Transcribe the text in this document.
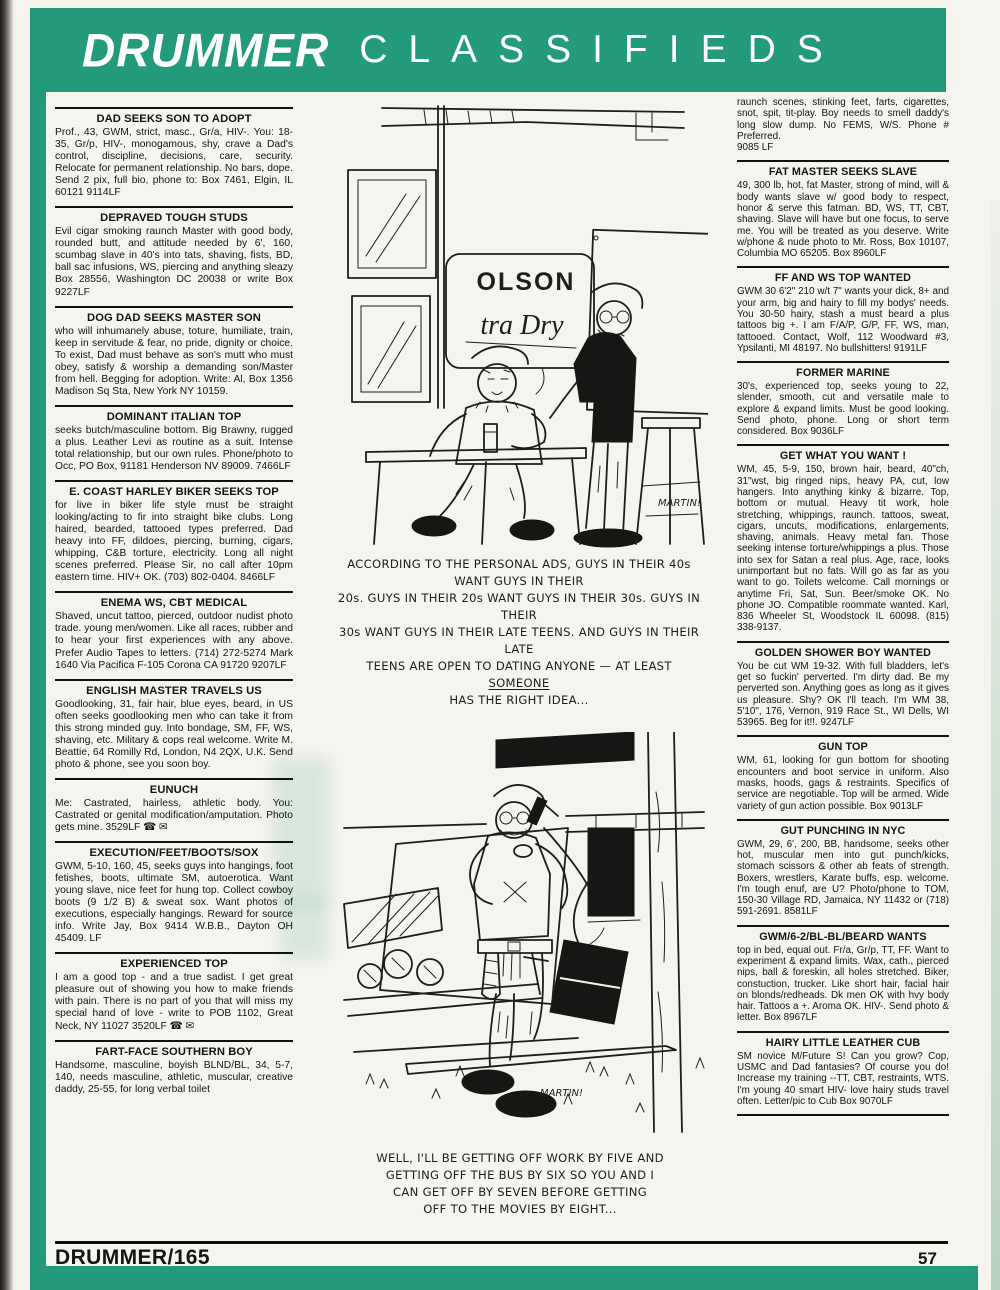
DRUMMER CLASSIFIEDS
DAD SEEKS SON TO ADOPT

Prof., 43, GWM, strict, masc., Gr/a, HIV-. You: 18-35, Gr/p, HIV-, monogamous, shy, crave a Dad's control, discipline, decisions, care, security. Relocate for permanent relationship. No bars, dope. Send 2 pix, full bio, phone to: Box 7461, Elgin, IL 60121 9114LF

DEPRAVED TOUGH STUDS

Evil cigar smoking raunch Master with good body, rounded butt, and attitude needed by 6', 160, scumbag slave in 40's into tats, shaving, fists, BD, ball sac infusions, WS, piercing and anything sleazy Box 28556, Washington DC 20038 or write Box 9227LF

DOG DAD SEEKS MASTER SON

who will inhumanely abuse, toture, humiliate, train, keep in servitude & fear, no pride, dignity or choice. To exist, Dad must behave as son's mutt who must obey, satisfy & worship a demanding son/Master from hell. Begging for adoption. Write: Al, Box 1356 Madison Sq Sta, New York NY 10159.

DOMINANT ITALIAN TOP

seeks butch/masculine bottom. Big Brawny, rugged a plus. Leather Levi as routine as a suit. Intense total relationship, but our own rules. Phone/photo to Occ, PO Box, 91181 Henderson NV 89009. 7466LF

E. COAST HARLEY BIKER SEEKS TOP

for live in biker life style must be straight looking/acting to fir into straight bike clubs. Long haired, bearded, tattooed types preferred. Dad heavy into FF, dildoes, piercing, burning, cigars, whipping, C&B torture, electricity. Long all night scenes preferred. Please Sir, no call after 10pm eastern time. HIV+ OK. (703) 802-0404. 8466LF

ENEMA WS, CBT MEDICAL

Shaved, uncut tattoo, pierced, outdoor nudist photo trade. young men/women. Like all races, rubber and to hear your first experiences with any above. Prefer Audio Tapes to letters. (714) 272-5274 Mark 1640 Via Pacifica F-105 Corona CA 91720 9207LF

ENGLISH MASTER TRAVELS US

Goodlooking, 31, fair hair, blue eyes, beard, in US often seeks goodlooking men who can take it from this strong minded guy. Into bondage, SM, FF, WS, shaving, etc. Military & cops real welcome. Write M. Beattie, 64 Romilly Rd, London, N4 2QX, U.K. Send photo & phone, see you soon boy.

EUNUCH

Me: Castrated, hairless, athletic body. You: Castrated or genital modification/amputation. Photo gets mine. 3529LF ☎ ✉

EXECUTION/FEET/BOOTS/SOX

GWM, 5-10, 160, 45, seeks guys into hangings, foot fetishes, boots, ultimate SM, autoerotica. Want young slave, nice feet for hung top. Collect cowboy boots (9 1/2 B) & sweat sox. Want photos of executions, especially hangings. Reward for source info. Write Jay, Box 9414 W.B.B., Dayton OH 45409. LF

EXPERIENCED TOP

I am a good top - and a true sadist. I get great pleasure out of showing you how to make friends with pain. There is no part of you that will miss my special hand of love - write to POB 1102, Great Neck, NY 11027 3520LF ☎ ✉

FART-FACE SOUTHERN BOY

Handsome, masculine, boyish BLND/BL, 34, 5-7, 140, needs masculine, athletic, muscular, creative daddy, 25-55, for long verbal toilet

raunch scenes, stinking feet, farts, cigarettes, snot, spit, tit-play. Boy needs to smell daddy's long slow dump. No FEMS, W/S. Phone # Preferred.

9085 LF

FAT MASTER SEEKS SLAVE

49, 300 lb, hot, fat Master, strong of mind, will & body wants slave w/ good body to respect, honor & serve this fatman. BD, WS, TT, CBT, shaving. Slave will have but one focus, to serve me. You will be treated as you deserve. Write w/phone & nude photo to Mr. Ross, Box 10107, Columbia MO 65205. Box 8960LF

FF AND WS TOP WANTED

GWM 30 6'2" 210 w/t 7" wants your dick, 8+ and your arm, big and hairy to fill my bodys' needs. You 30-50 hairy, stash a must beard a plus tattoos big +. I am F/A/P, G/P, FF, WS, man, tattooed. Contact, Wolf, 112 Woodward #3, Ypsilanti, MI 48197. No bullshitters! 9191LF

FORMER MARINE

30's, experienced top, seeks young to 22, slender, smooth, cut and versatile male to explore & expand limits. Must be good looking. Send photo, phone. Long or short term considered. Box 9036LF

GET WHAT YOU WANT !

WM, 45, 5-9, 150, brown hair, beard, 40"ch, 31"wst, big ringed nips, heavy PA, cut, low hangers. Into anything kinky & bizarre. Top, bottom or mutual. Heavy tit work, hole stretching, whippings, raunch. tattoos, sweat, cigars, uncuts, modifications, enlargements, shaving, animals. Heavy metal fan. Those seeking intense torture/whippings a plus. Those into sex for Satan a real plus. Age, race, looks unimportant but no fats. Will go as far as you want to go. Toilets welcome. Call mornings or anytime Fri, Sat, Sun. Beer/smoke OK. No phone JO. Compatible roommate wanted. Karl, 836 Wheeler St, Woodstock IL 60098. (815) 338-9137.

GOLDEN SHOWER BOY WANTED

You be cut WM 19-32. With full bladders, let's get so fuckin' perverted. I'm dirty dad. Be my perverted son. Anything goes as long as it gives us pleasure. Shy? OK I'll teach. I'm WM 38, 5'10", 176, Vernon, 919 Race St., WI Dells, WI 53965. Beg for it!!. 9247LF

GUN TOP

WM, 61, looking for gun bottom for shooting encounters and boot service in uniform. Also masks, hoods, gags & restraints. Specifics of service are negotiable. Top will be armed. Wide variety of gun action possible. Box 9013LF

GUT PUNCHING IN NYC

GWM, 29, 6', 200, BB, handsome, seeks other hot, muscular men into gut punch/kicks, stomach scissors & other ab feats of strength. Boxers, wrestlers, Karate buffs, esp. welcome. I'm tough enuf, are U? Photo/phone to TOM, 150-30 Village RD, Jamaica, NY 11432 or (718) 591-2691. 8581LF

GWM/6-2/BL-BL/BEARD WANTS

top in bed, equal out. Fr/a, Gr/p, TT, FF. Want to experiment & expand limits. Wax, cath., pierced nips, ball & foreskin, all holes stretched. Biker, constuction, trucker. Like short hair, facial hair on blonds/redheads. Dk men OK with hvy body hair. Tattoos a +. Aroma OK. HIV-. Send photo & letter. Box 8967LF

HAIRY LITTLE LEATHER CUB

SM novice M/Future S! Can you grow? Cop, USMC and Dad fantasies? Of course you do! Increase my training --TT, CBT, restraints, WTS. I'm young 40 smart HIV- love hairy studs travel often. Letter/pic to Cub Box 9070LF

OLSON
tra Dry
MARTIN!
ACCORDING TO THE PERSONAL ADS, GUYS IN THEIR 40s WANT GUYS IN THEIR
20s. GUYS IN THEIR 20s WANT GUYS IN THEIR 30s. GUYS IN THEIR
30s WANT GUYS IN THEIR LATE TEENS. AND GUYS IN THEIR LATE
TEENS ARE OPEN TO DATING ANYONE — AT LEAST SOMEONE
HAS THE RIGHT IDEA...
MARTIN!
WELL, I'LL BE GETTING OFF WORK BY FIVE AND
GETTING OFF THE BUS BY SIX SO YOU AND I
CAN GET OFF BY SEVEN BEFORE GETTING
OFF TO THE MOVIES BY EIGHT...
DRUMMER/165	57
